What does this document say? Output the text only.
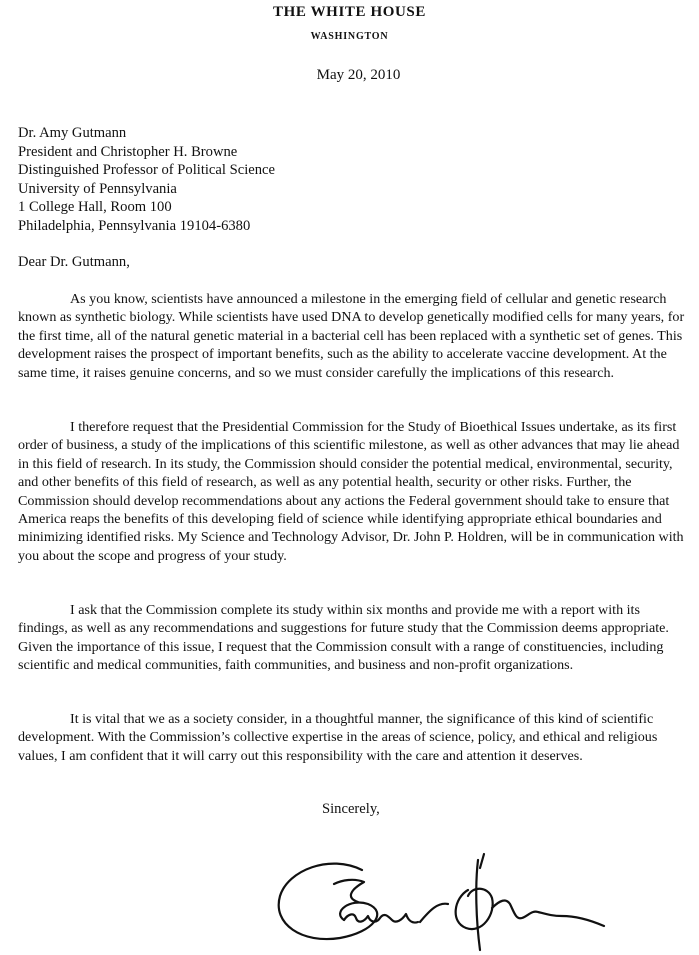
THE WHITE HOUSE
WASHINGTON
May 20, 2010
Dr. Amy Gutmann
President and Christopher H. Browne
Distinguished Professor of Political Science
University of Pennsylvania
1 College Hall, Room 100
Philadelphia, Pennsylvania 19104-6380
Dear Dr. Gutmann,

As you know, scientists have announced a milestone in the emerging field of cellular and genetic research known as synthetic biology. While scientists have used DNA to develop genetically modified cells for many years, for the first time, all of the natural genetic material in a bacterial cell has been replaced with a synthetic set of genes. This development raises the prospect of important benefits, such as the ability to accelerate vaccine development. At the same time, it raises genuine concerns, and so we must consider carefully the implications of this research.

I therefore request that the Presidential Commission for the Study of Bioethical Issues undertake, as its first order of business, a study of the implications of this scientific milestone, as well as other advances that may lie ahead in this field of research. In its study, the Commission should consider the potential medical, environmental, security, and other benefits of this field of research, as well as any potential health, security or other risks. Further, the Commission should develop recommendations about any actions the Federal government should take to ensure that America reaps the benefits of this developing field of science while identifying appropriate ethical boundaries and minimizing identified risks. My Science and Technology Advisor, Dr. John P. Holdren, will be in communication with you about the scope and progress of your study.

I ask that the Commission complete its study within six months and provide me with a report with its findings, as well as any recommendations and suggestions for future study that the Commission deems appropriate. Given the importance of this issue, I request that the Commission consult with a range of constituencies, including scientific and medical communities, faith communities, and business and non-profit organizations.

It is vital that we as a society consider, in a thoughtful manner, the significance of this kind of scientific development. With the Commission’s collective expertise in the areas of science, policy, and ethical and religious values, I am confident that it will carry out this responsibility with the care and attention it deserves.

Sincerely,
